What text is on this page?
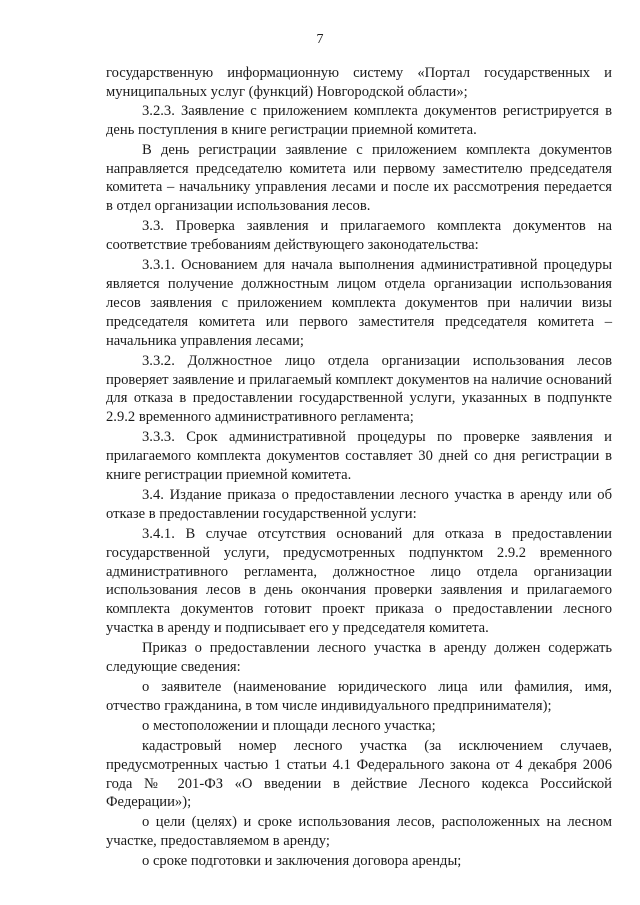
7

государственную информационную систему «Портал государственных и муниципальных услуг (функций) Новгородской области»;

3.2.3. Заявление с приложением комплекта документов регистрируется в день поступления в книге регистрации приемной комитета.

В день регистрации заявление с приложением комплекта документов направляется председателю комитета или первому заместителю председателя комитета – начальнику управления лесами и после их рассмотрения передается в отдел организации использования лесов.

3.3. Проверка заявления и прилагаемого комплекта документов на соответствие требованиям действующего законодательства:

3.3.1. Основанием для начала выполнения административной процедуры является получение должностным лицом отдела организации использования лесов заявления с приложением комплекта документов при наличии визы председателя комитета или первого заместителя председателя комитета – начальника управления лесами;

3.3.2. Должностное лицо отдела организации использования лесов проверяет заявление и прилагаемый комплект документов на наличие оснований для отказа в предоставлении государственной услуги, указанных в подпункте 2.9.2 временного административного регламента;

3.3.3. Срок административной процедуры по проверке заявления и прилагаемого комплекта документов составляет 30 дней со дня регистрации в книге регистрации приемной комитета.

3.4. Издание приказа о предоставлении лесного участка в аренду или об отказе в предоставлении государственной услуги:

3.4.1. В случае отсутствия оснований для отказа в предоставлении государственной услуги, предусмотренных подпунктом 2.9.2 временного административного регламента, должностное лицо отдела организации использования лесов в день окончания проверки заявления и прилагаемого комплекта документов готовит проект приказа о предоставлении лесного участка в аренду и подписывает его у председателя комитета.

Приказ о предоставлении лесного участка в аренду должен содержать следующие сведения:

о заявителе (наименование юридического лица или фамилия, имя, отчество гражданина, в том числе индивидуального предпринимателя);

о местоположении и площади лесного участка;

кадастровый номер лесного участка (за исключением случаев, предусмотренных частью 1 статьи 4.1 Федерального закона от 4 декабря 2006 года № 201-ФЗ «О введении в действие Лесного кодекса Российской Федерации»);

о цели (целях) и сроке использования лесов, расположенных на лесном участке, предоставляемом в аренду;

о сроке подготовки и заключения договора аренды;
